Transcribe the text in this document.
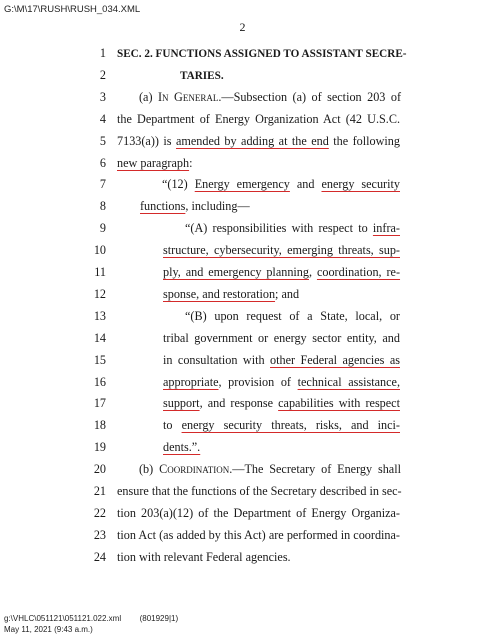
G:\M\17\RUSH\RUSH_034.XML
2
1 SEC. 2. FUNCTIONS ASSIGNED TO ASSISTANT SECRE-
2	TARIES.
3	(a) In General.—Subsection (a) of section 203 of
4 the Department of Energy Organization Act (42 U.S.C.
5 7133(a)) is amended by adding at the end the following
6 new paragraph:
7	“(12) Energy emergency and energy security
8	functions, including—
9	“(A) responsibilities with respect to infra-
10	structure, cybersecurity, emerging threats, sup-
11	ply, and emergency planning, coordination, re-
12	sponse, and restoration; and
13	“(B) upon request of a State, local, or
14	tribal government or energy sector entity, and
15	in consultation with other Federal agencies as
16	appropriate, provision of technical assistance,
17	support, and response capabilities with respect
18	to energy security threats, risks, and inci-
19	dents.”.
20	(b) Coordination.—The Secretary of Energy shall
21 ensure that the functions of the Secretary described in sec-
22 tion 203(a)(12) of the Department of Energy Organiza-
23 tion Act (as added by this Act) are performed in coordina-
24 tion with relevant Federal agencies.
g:\VHLC\051121\051121.022.xml (801929|1)
May 11, 2021 (9:43 a.m.)
